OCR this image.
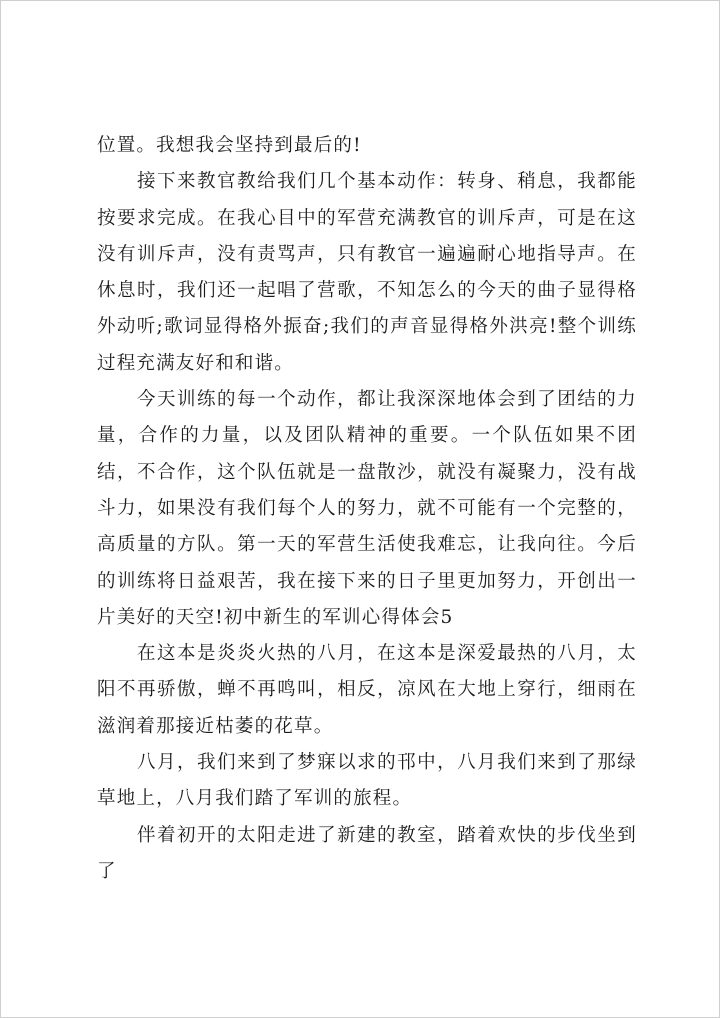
位置。我想我会坚持到最后的!

接下来教官教给我们几个基本动作：转身、稍息，我都能按要求完成。在我心目中的军营充满教官的训斥声，可是在这没有训斥声，没有责骂声，只有教官一遍遍耐心地指导声。在休息时，我们还一起唱了营歌，不知怎么的今天的曲子显得格外动听;歌词显得格外振奋;我们的声音显得格外洪亮!整个训练过程充满友好和和谐。

今天训练的每一个动作，都让我深深地体会到了团结的力量，合作的力量，以及团队精神的重要。一个队伍如果不团结，不合作，这个队伍就是一盘散沙，就没有凝聚力，没有战斗力，如果没有我们每个人的努力，就不可能有一个完整的，高质量的方队。第一天的军营生活使我难忘，让我向往。今后的训练将日益艰苦，我在接下来的日子里更加努力，开创出一片美好的天空!初中新生的军训心得体会5

在这本是炎炎火热的八月，在这本是深爱最热的八月，太阳不再骄傲，蝉不再鸣叫，相反，凉风在大地上穿行，细雨在滋润着那接近枯萎的花草。

八月，我们来到了梦寐以求的邗中，八月我们来到了那绿草地上，八月我们踏了军训的旅程。

伴着初开的太阳走进了新建的教室，踏着欢快的步伐坐到了
